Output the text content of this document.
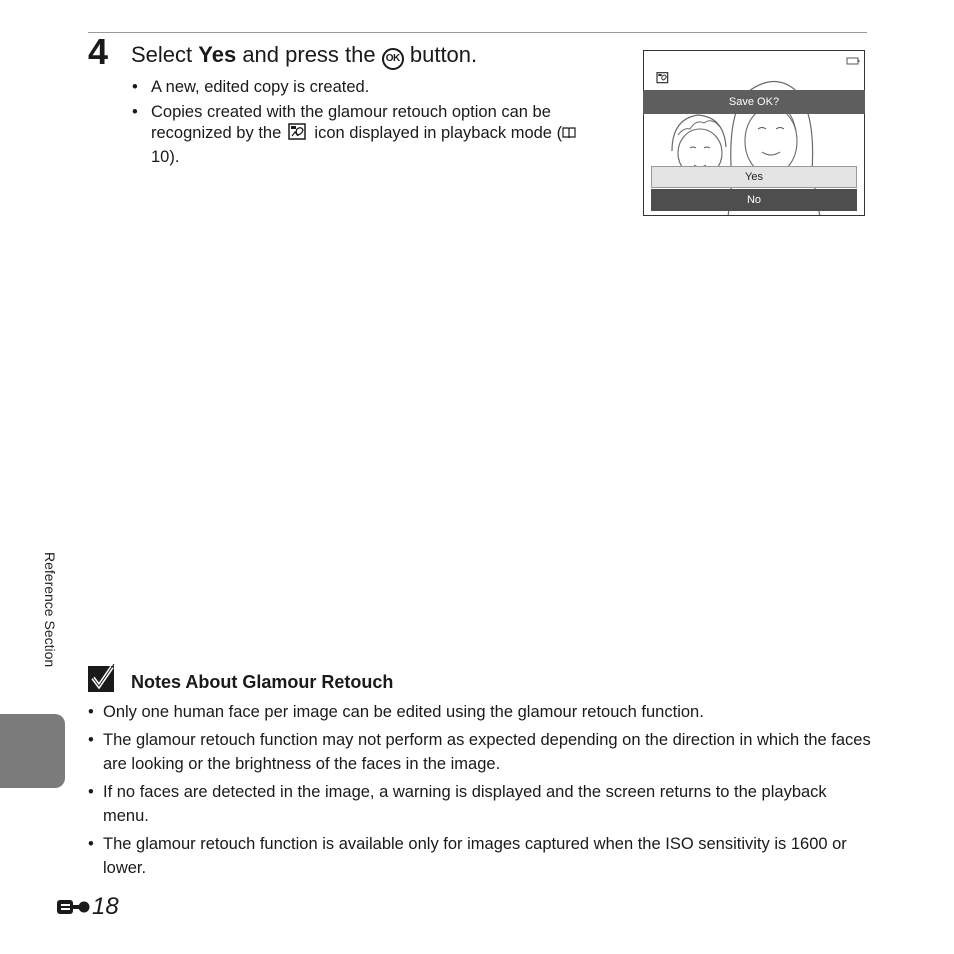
4 Select Yes and press the OK button.
• A new, edited copy is created.
• Copies created with the glamour retouch option can be recognized by the  icon displayed in playback mode (10).
Save OK?
Yes
No
Reference Section
Notes About Glamour Retouch
• Only one human face per image can be edited using the glamour retouch function.
• The glamour retouch function may not perform as expected depending on the direction in which the faces are looking or the brightness of the faces in the image.
• If no faces are detected in the image, a warning is displayed and the screen returns to the playback menu.
• The glamour retouch function is available only for images captured when the ISO sensitivity is 1600 or lower.
18
